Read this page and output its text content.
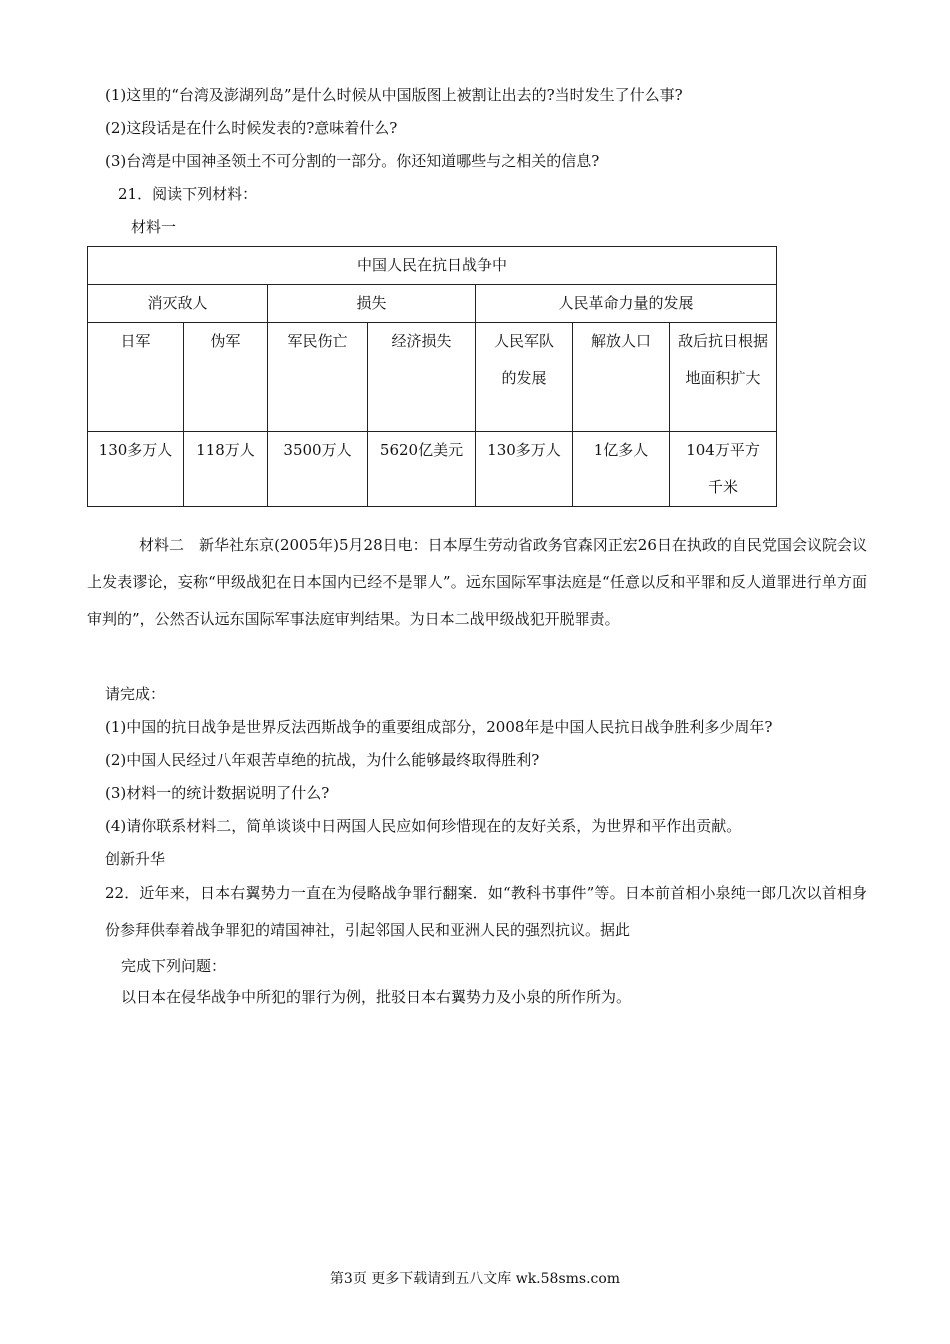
(1)这里的“台湾及澎湖列岛”是什么时候从中国版图上被割让出去的?当时发生了什么事?
(2)这段话是在什么时候发表的?意味着什么?
(3)台湾是中国神圣领土不可分割的一部分。你还知道哪些与之相关的信息?
21．阅读下列材料：
材料一
中国人民在抗日战争中						
消灭敌人		损失		人民革命力量的发展		
日军	伪军	军民伤亡	经济损失	人民军队的发展	解放人口	敌后抗日根据地面积扩大
130多万人	118万人	3500万人	5620亿美元	130多万人	1亿多人	104万平方千米
材料二　新华社东京(2005年)5月28日电：日本厚生劳动省政务官森冈正宏26日在执政的自民党国会议院会议上发表谬论，妄称“甲级战犯在日本国内已经不是罪人”。远东国际军事法庭是“任意以反和平罪和反人道罪进行单方面审判的”，公然否认远东国际军事法庭审判结果。为日本二战甲级战犯开脱罪责。
请完成：
(1)中国的抗日战争是世界反法西斯战争的重要组成部分，2008年是中国人民抗日战争胜利多少周年?
(2)中国人民经过八年艰苦卓绝的抗战，为什么能够最终取得胜利?
(3)材料一的统计数据说明了什么?
(4)请你联系材料二，简单谈谈中日两国人民应如何珍惜现在的友好关系，为世界和平作出贡献。
创新升华
22．近年来，日本右翼势力一直在为侵略战争罪行翻案．如“教科书事件”等。日本前首相小泉纯一郎几次以首相身份参拜供奉着战争罪犯的靖国神社，引起邻国人民和亚洲人民的强烈抗议。据此
完成下列问题：
以日本在侵华战争中所犯的罪行为例，批驳日本右翼势力及小泉的所作所为。
第3页 更多下载请到五八文库 wk.58sms.com
